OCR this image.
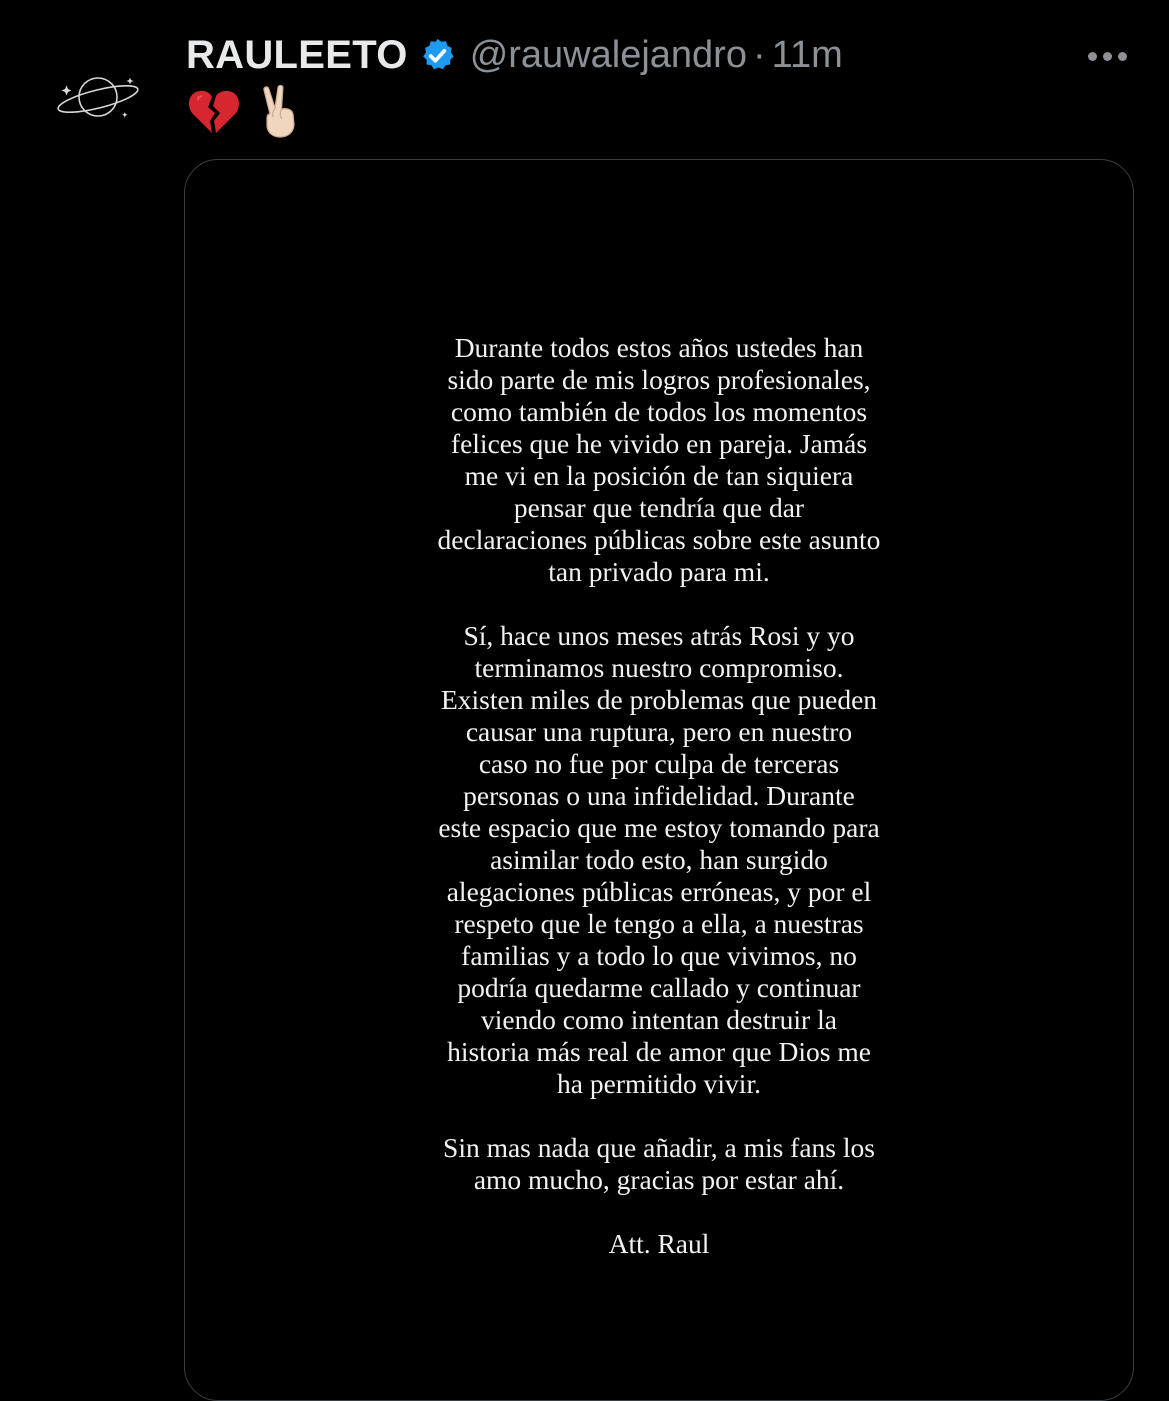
RAULEETO @rauwalejandro · 11m

Durante todos estos años ustedes han
sido parte de mis logros profesionales,
como también de todos los momentos
felices que he vivido en pareja. Jamás
me vi en la posición de tan siquiera
pensar que tendría que dar
declaraciones públicas sobre este asunto
tan privado para mi.

Sí, hace unos meses atrás Rosi y yo
terminamos nuestro compromiso.
Existen miles de problemas que pueden
causar una ruptura, pero en nuestro
caso no fue por culpa de terceras
personas o una infidelidad. Durante
este espacio que me estoy tomando para
asimilar todo esto, han surgido
alegaciones públicas erróneas, y por el
respeto que le tengo a ella, a nuestras
familias y a todo lo que vivimos, no
podría quedarme callado y continuar
viendo como intentan destruir la
historia más real de amor que Dios me
ha permitido vivir.

Sin mas nada que añadir, a mis fans los
amo mucho, gracias por estar ahí.

Att. Raul
